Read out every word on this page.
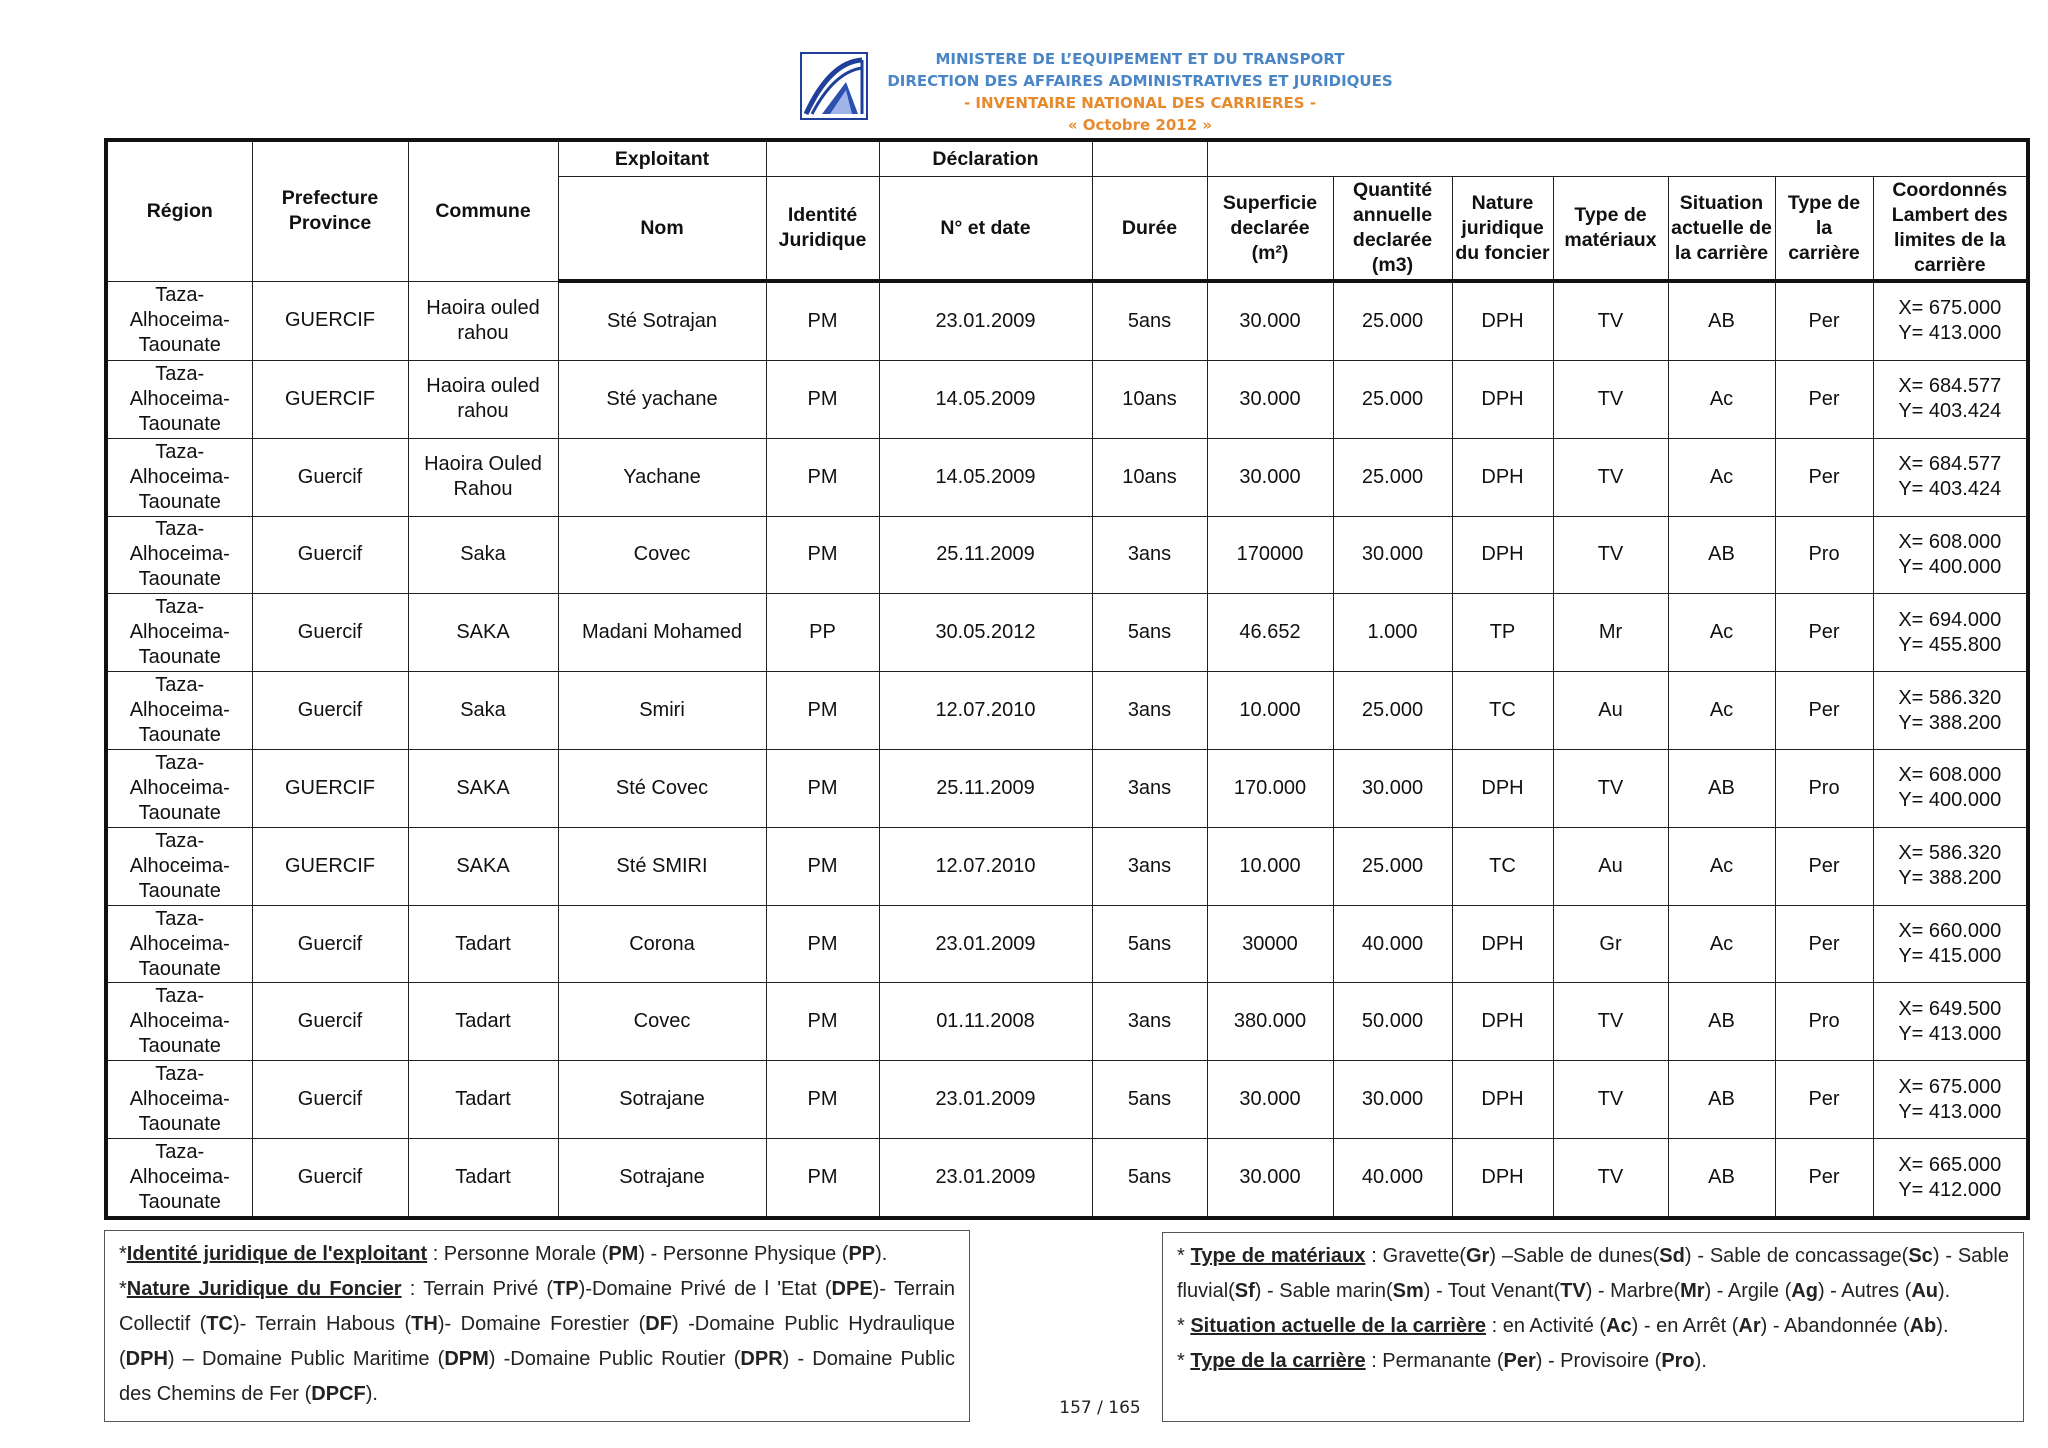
MINISTERE DE L’EQUIPEMENT ET DU TRANSPORT
DIRECTION DES AFFAIRES ADMINISTRATIVES ET JURIDIQUES
- INVENTAIRE NATIONAL DES CARRIERES -
« Octobre 2012 »
Région	Prefecture Province	Commune	Exploitant		Déclaration								
			Nom	Identité Juridique	N° et date	Durée	Superficie declarée (m²)	Quantité annuelle declarée (m3)	Nature juridique du foncier	Type de matériaux	Situation actuelle de la carrière	Type de la carrière	Coordonnés Lambert des limites de la carrière
Taza-Alhoceima-Taounate	GUERCIF	Haoira ouled rahou	Sté Sotrajan	PM	23.01.2009	5ans	30.000	25.000	DPH	TV	AB	Per	X= 675.000
Y= 413.000

Taza-Alhoceima-Taounate	GUERCIF	Haoira ouled rahou	Sté yachane	PM	14.05.2009	10ans	30.000	25.000	DPH	TV	Ac	Per	X= 684.577
Y= 403.424

Taza-Alhoceima-Taounate	Guercif	Haoira Ouled Rahou	Yachane	PM	14.05.2009	10ans	30.000	25.000	DPH	TV	Ac	Per	X= 684.577
Y= 403.424

Taza-Alhoceima-Taounate	Guercif	Saka	Covec	PM	25.11.2009	3ans	170000	30.000	DPH	TV	AB	Pro	X= 608.000
Y= 400.000

Taza-Alhoceima-Taounate	Guercif	SAKA	Madani Mohamed	PP	30.05.2012	5ans	46.652	1.000	TP	Mr	Ac	Per	X= 694.000
Y= 455.800

Taza-Alhoceima-Taounate	Guercif	Saka	Smiri	PM	12.07.2010	3ans	10.000	25.000	TC	Au	Ac	Per	X= 586.320
Y= 388.200

Taza-Alhoceima-Taounate	GUERCIF	SAKA	Sté Covec	PM	25.11.2009	3ans	170.000	30.000	DPH	TV	AB	Pro	X= 608.000
Y= 400.000

Taza-Alhoceima-Taounate	GUERCIF	SAKA	Sté SMIRI	PM	12.07.2010	3ans	10.000	25.000	TC	Au	Ac	Per	X= 586.320
Y= 388.200

Taza-Alhoceima-Taounate	Guercif	Tadart	Corona	PM	23.01.2009	5ans	30000	40.000	DPH	Gr	Ac	Per	X= 660.000
Y= 415.000

Taza-Alhoceima-Taounate	Guercif	Tadart	Covec	PM	01.11.2008	3ans	380.000	50.000	DPH	TV	AB	Pro	X= 649.500
Y= 413.000

Taza-Alhoceima-Taounate	Guercif	Tadart	Sotrajane	PM	23.01.2009	5ans	30.000	30.000	DPH	TV	AB	Per	X= 675.000
Y= 413.000

Taza-Alhoceima-Taounate	Guercif	Tadart	Sotrajane	PM	23.01.2009	5ans	30.000	40.000	DPH	TV	AB	Per	X= 665.000
Y= 412.000

*Identité juridique de l'exploitant : Personne Morale (PM) - Personne Physique (PP).

*Nature Juridique du Foncier : Terrain Privé (TP)-Domaine Privé de l 'Etat (DPE)- Terrain Collectif (TC)- Terrain Habous (TH)- Domaine Forestier (DF) -Domaine Public Hydraulique (DPH) – Domaine Public Maritime (DPM) -Domaine Public Routier (DPR) - Domaine Public des Chemins de Fer (DPCF).

* Type de matériaux : Gravette(Gr) –Sable de dunes(Sd) - Sable de concassage(Sc) - Sable fluvial(Sf) - Sable marin(Sm) - Tout Venant(TV) - Marbre(Mr) - Argile (Ag) - Autres (Au).

* Situation actuelle de la carrière : en Activité (Ac) - en Arrêt (Ar) - Abandonnée (Ab).

* Type de la carrière : Permanante (Per) - Provisoire (Pro).

157 / 165
